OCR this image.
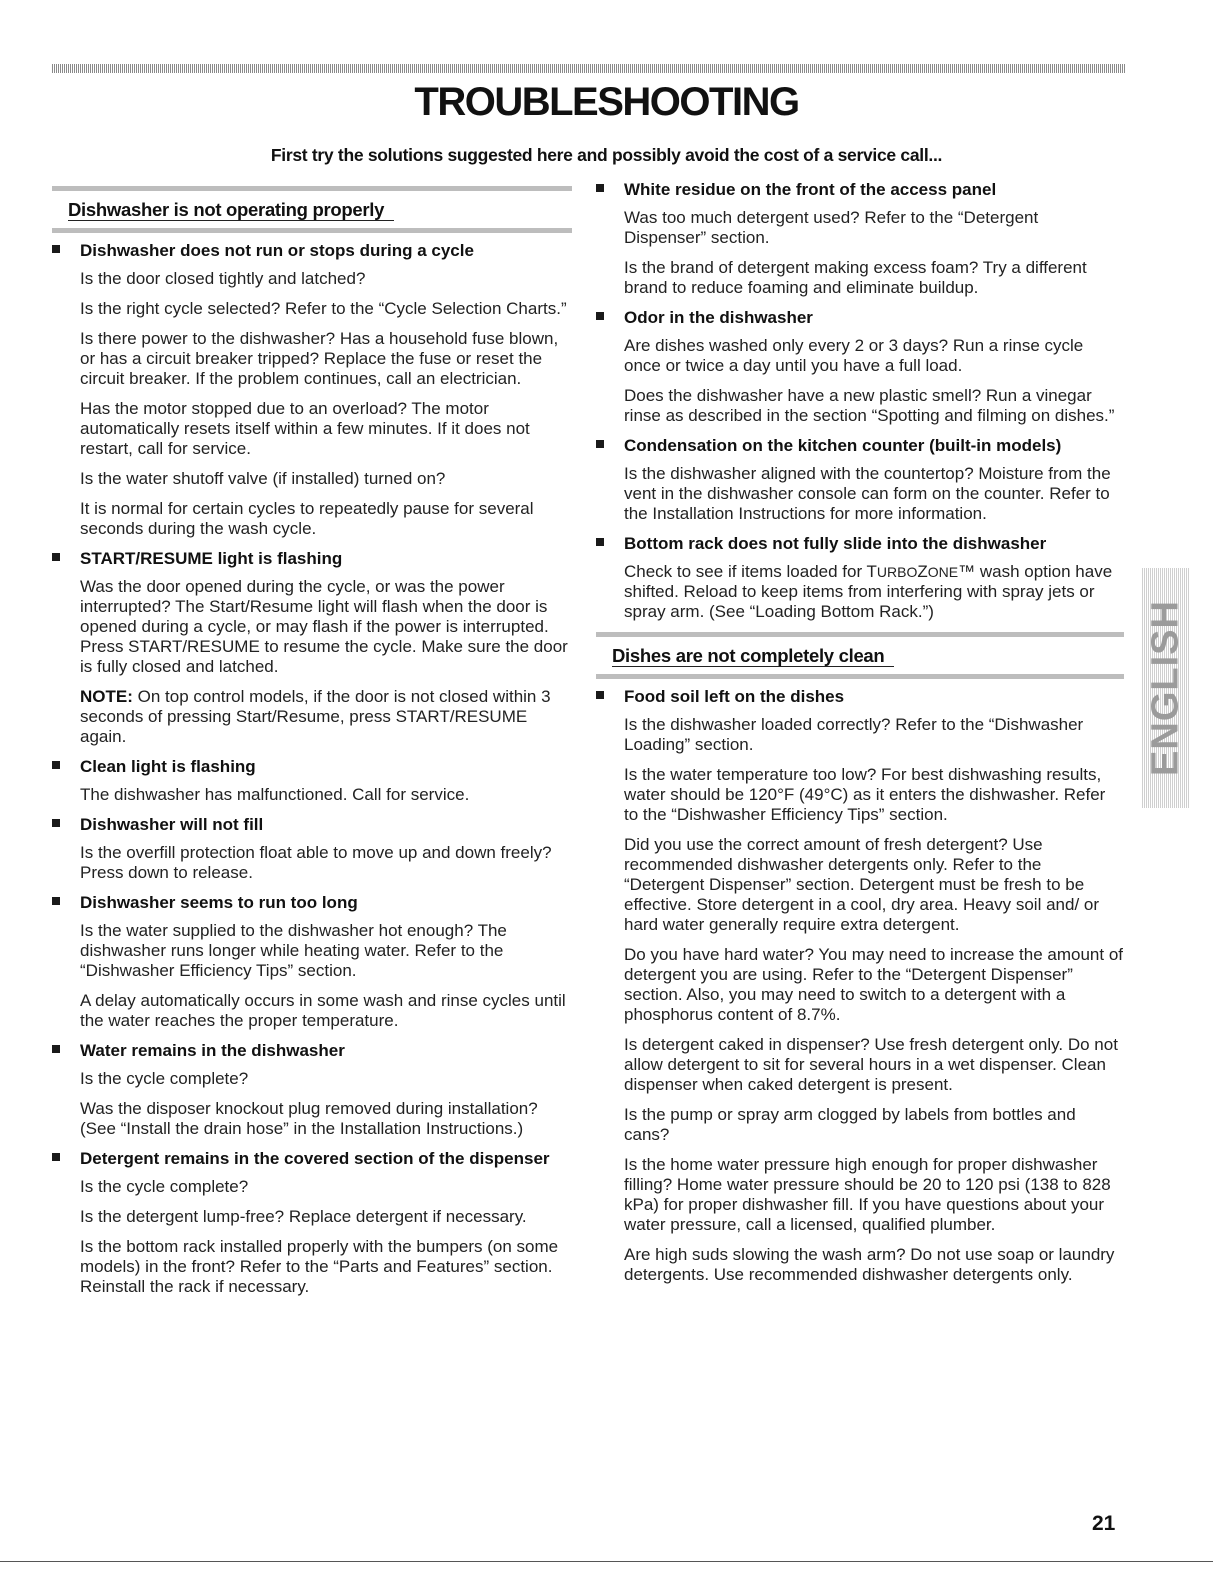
TROUBLESHOOTING
First try the solutions suggested here and possibly avoid the cost of a service call...
Dishwasher is not operating properly
Dishwasher does not run or stops during a cycle

Is the door closed tightly and latched?

Is the right cycle selected? Refer to the “Cycle Selection Charts.”

Is there power to the dishwasher? Has a household fuse blown, or has a circuit breaker tripped? Replace the fuse or reset the circuit breaker. If the problem continues, call an electrician.

Has the motor stopped due to an overload? The motor automatically resets itself within a few minutes. If it does not restart, call for service.

Is the water shutoff valve (if installed) turned on?

It is normal for certain cycles to repeatedly pause for several seconds during the wash cycle.

START/RESUME light is flashing

Was the door opened during the cycle, or was the power interrupted? The Start/Resume light will flash when the door is opened during a cycle, or may flash if the power is interrupted. Press START/RESUME to resume the cycle. Make sure the door is fully closed and latched.

NOTE: On top control models, if the door is not closed within 3 seconds of pressing Start/Resume, press START/RESUME again.

Clean light is flashing

The dishwasher has malfunctioned. Call for service.

Dishwasher will not fill

Is the overfill protection float able to move up and down freely? Press down to release.

Dishwasher seems to run too long

Is the water supplied to the dishwasher hot enough? The dishwasher runs longer while heating water. Refer to the “Dishwasher Efficiency Tips” section.

A delay automatically occurs in some wash and rinse cycles until the water reaches the proper temperature.

Water remains in the dishwasher

Is the cycle complete?

Was the disposer knockout plug removed during installation? (See “Install the drain hose” in the Installation Instructions.)

Detergent remains in the covered section of the dispenser

Is the cycle complete?

Is the detergent lump-free? Replace detergent if necessary.

Is the bottom rack installed properly with the bumpers (on some models) in the front? Refer to the “Parts and Features” section. Reinstall the rack if necessary.

White residue on the front of the access panel

Was too much detergent used? Refer to the “Detergent Dispenser” section.

Is the brand of detergent making excess foam? Try a different brand to reduce foaming and eliminate buildup.

Odor in the dishwasher

Are dishes washed only every 2 or 3 days? Run a rinse cycle once or twice a day until you have a full load.

Does the dishwasher have a new plastic smell? Run a vinegar rinse as described in the section “Spotting and filming on dishes.”

Condensation on the kitchen counter (built-in models)

Is the dishwasher aligned with the countertop? Moisture from the vent in the dishwasher console can form on the counter. Refer to the Installation Instructions for more information.

Bottom rack does not fully slide into the dishwasher

Check to see if items loaded for TURBOZONE™ wash option have shifted. Reload to keep items from interfering with spray jets or spray arm. (See “Loading Bottom Rack.”)

Dishes are not completely clean
Food soil left on the dishes

Is the dishwasher loaded correctly? Refer to the “Dishwasher Loading” section.

Is the water temperature too low? For best dishwashing results, water should be 120°F (49°C) as it enters the dishwasher. Refer to the “Dishwasher Efficiency Tips” section.

Did you use the correct amount of fresh detergent? Use recommended dishwasher detergents only. Refer to the “Detergent Dispenser” section. Detergent must be fresh to be effective. Store detergent in a cool, dry area. Heavy soil and/ or hard water generally require extra detergent.

Do you have hard water? You may need to increase the amount of detergent you are using. Refer to the “Detergent Dispenser” section. Also, you may need to switch to a detergent with a phosphorus content of 8.7%.

Is detergent caked in dispenser? Use fresh detergent only. Do not allow detergent to sit for several hours in a wet dispenser. Clean dispenser when caked detergent is present.

Is the pump or spray arm clogged by labels from bottles and cans?

Is the home water pressure high enough for proper dishwasher filling? Home water pressure should be 20 to 120 psi (138 to 828 kPa) for proper dishwasher fill. If you have questions about your water pressure, call a licensed, qualified plumber.

Are high suds slowing the wash arm? Do not use soap or laundry detergents. Use recommended dishwasher detergents only.

ENGLISH
21
